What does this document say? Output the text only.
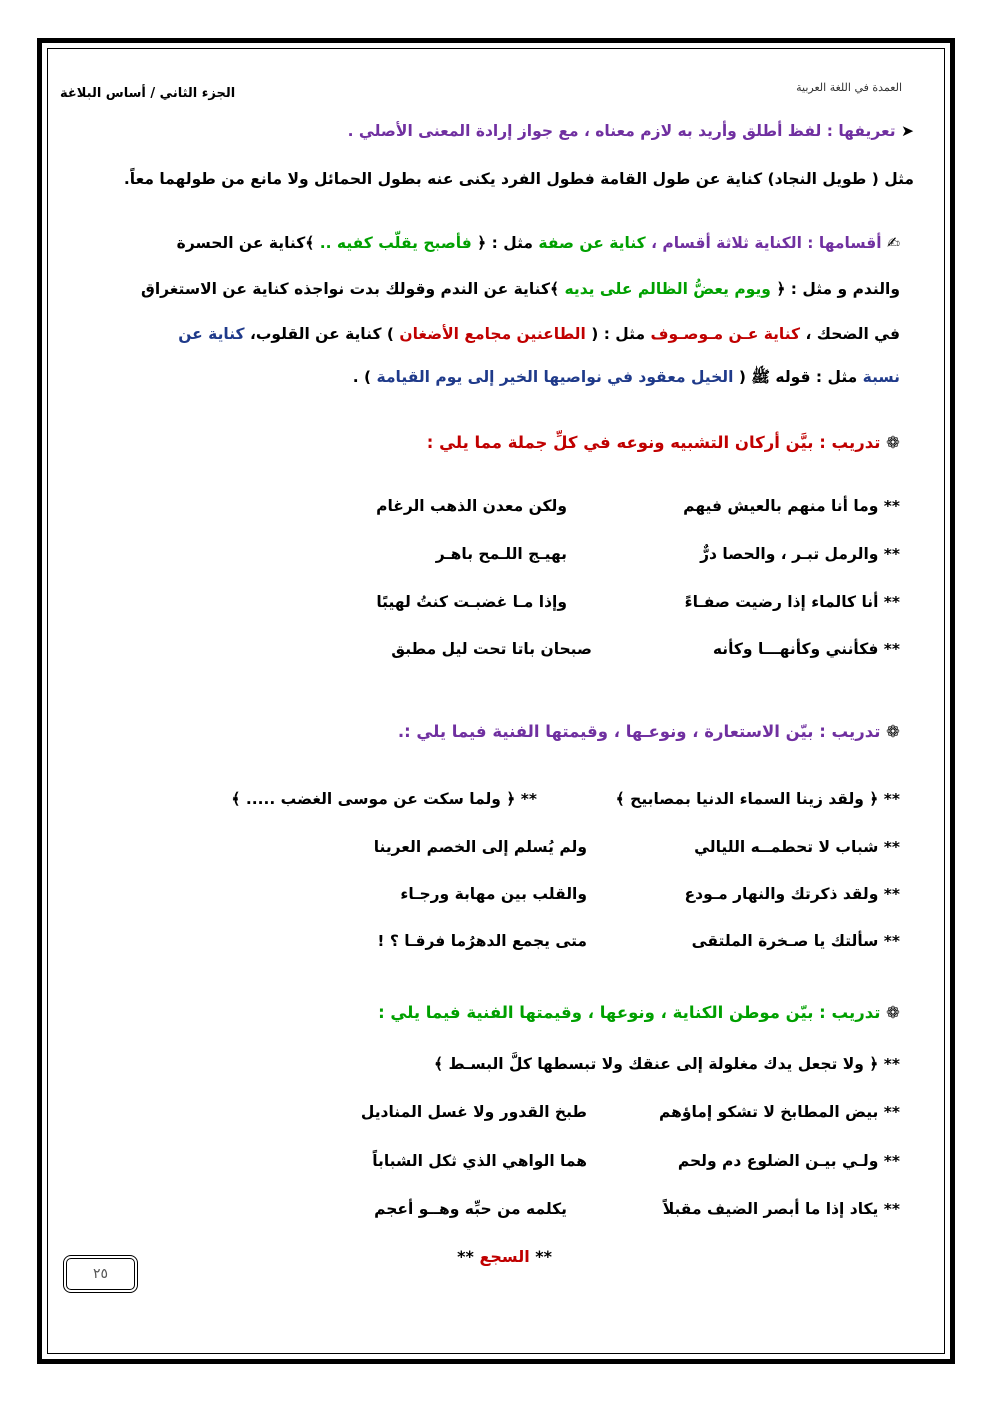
الجزء الثاني / أساس البلاغة	العمدة في اللغة العربية
➤ تعريفها : لفظ أطلق وأريد به لازم معناه ، مع جواز إرادة المعنى الأصلي .
مثل ( طويل النجاد) كناية عن طول القامة فطول الفرد يكنى عنه بطول الحمائل ولا مانع من طولهما معاً.
✍ أقسامها : الكناية ثلاثة أقسام ، كناية عن صفة مثل : ﴿ فأصبح يقلّب كفيه .. ﴾كناية عن الحسرة
والندم و مثل : ﴿ ويوم يعضُّ الظالم على يديه ﴾كناية عن الندم وقولك بدت نواجذه كناية عن الاستغراق
في الضحك ، كناية عـن مـوصـوف مثل : ( الطاعنين مجامع الأضغان ) كناية عن القلوب، كناية عن
نسبة مثل : قوله ﷺ ( الخيل معقود في نواصيها الخير إلى يوم القيامة ) .
❁ تدريب : بيَّن أركان التشبيه ونوعه في كلِّ جملة مما يلي :
** وما أنا منهم بالعيش فيهم
ولكن معدن الذهب الرغام
** والرمل تبـر ، والحصا درٌّ
بهيـج اللـمح باهـر
** أنا كالماء إذا رضيت صفـاءً
وإذا مـا غضبـت كنتُ لهيبًا
** فكأنني وكأنهـــا وكأنه
صبحان باتا تحت ليل مطبق
❁ تدريب : بيّن الاستعارة ، ونوعـها ، وقيمتها الفنية فيما يلي :.
** ﴿ ولقد زينا السماء الدنيا بمصابيح ﴾
** ﴿ ولما سكت عن موسى الغضب ..... ﴾
** شباب لا تحطمــه الليالي
ولم يُسلم إلى الخصم العرينا
** ولقد ذكرتك والنهار مـودع
والقلب بين مهابة ورجـاء
** سألتك يا صـخرة الملتقى
متى يجمع الدهرُما فرقـا ؟ !
❁ تدريب : بيّن موطن الكناية ، ونوعها ، وقيمتها الفنية فيما يلي :
** ﴿ ولا تجعل يدك مغلولة إلى عنقك ولا تبسطها كلَّ البسـط ﴾
** بيض المطابخ لا تشكو إماؤهم
طبخ القدور ولا غسل المناديل
** ولـي بيـن الضلوع دم ولحم
هما الواهي الذي ثكل الشباباً
** يكاد إذا ما أبصر الضيف مقبلاً
يكلمه من حبِّه وهــو أعجم
** السجع **
٢٥
